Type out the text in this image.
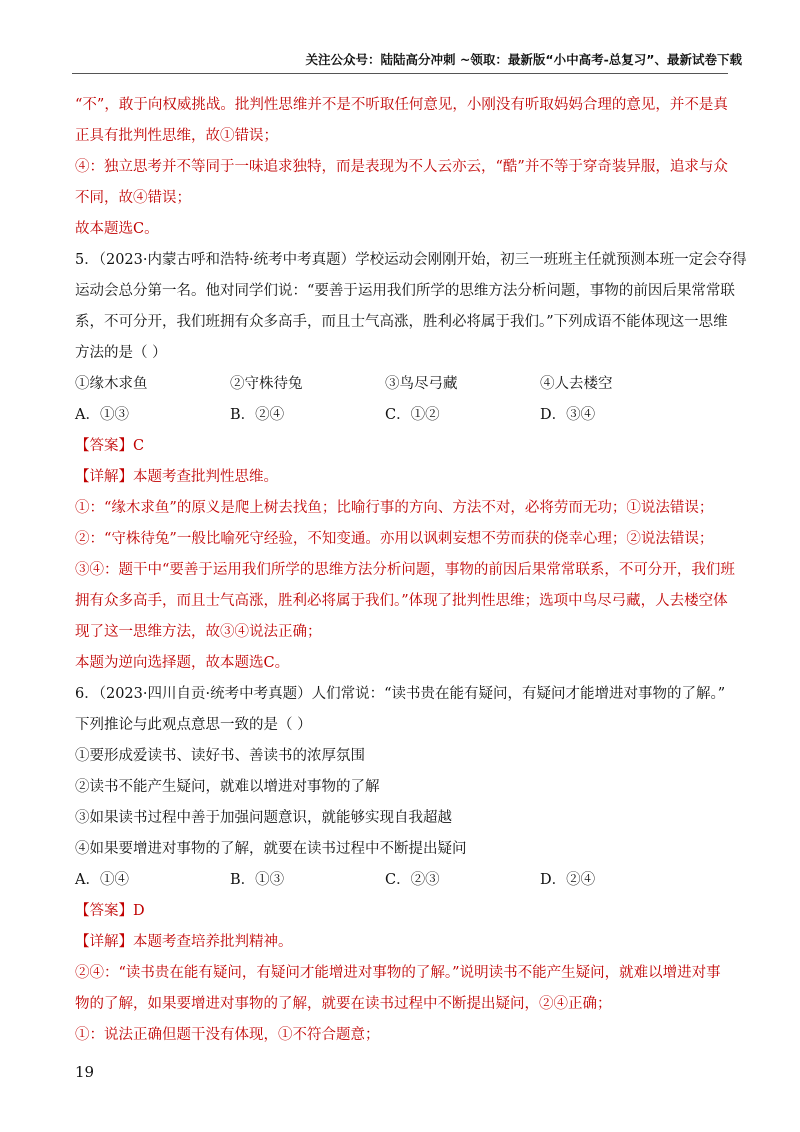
关注公众号：陆陆高分冲刺 ~领取：最新版“小中高考-总复习”、最新试卷下载
“不”，敢于向权威挑战。批判性思维并不是不听取任何意见，小刚没有听取妈妈合理的意见，并不是真
正具有批判性思维，故①错误；
④：独立思考并不等同于一味追求独特，而是表现为不人云亦云，“酷”并不等于穿奇装异服，追求与众
不同，故④错误；
故本题选C。
5．（2023·内蒙古呼和浩特·统考中考真题）学校运动会刚刚开始，初三一班班主任就预测本班一定会夺得
运动会总分第一名。他对同学们说：“要善于运用我们所学的思维方法分析问题，事物的前因后果常常联
系，不可分开，我们班拥有众多高手，而且士气高涨，胜利必将属于我们。”下列成语不能体现这一思维
方法的是（ ）
①缘木求鱼	②守株待兔	③鸟尽弓藏	④人去楼空
A．①③	B．②④	C．①②	D．③④
【答案】C
【详解】本题考查批判性思维。
①：“缘木求鱼”的原义是爬上树去找鱼；比喻行事的方向、方法不对，必将劳而无功；①说法错误；
②：“守株待兔”一般比喻死守经验，不知变通。亦用以讽刺妄想不劳而获的侥幸心理；②说法错误；
③④：题干中“要善于运用我们所学的思维方法分析问题，事物的前因后果常常联系，不可分开，我们班
拥有众多高手，而且士气高涨，胜利必将属于我们。”体现了批判性思维；选项中鸟尽弓藏，人去楼空体
现了这一思维方法，故③④说法正确；
本题为逆向选择题，故本题选C。
6．（2023·四川自贡·统考中考真题）人们常说：“读书贵在能有疑问，有疑问才能增进对事物的了解。”
下列推论与此观点意思一致的是（ ）
①要形成爱读书、读好书、善读书的浓厚氛围
②读书不能产生疑问，就难以增进对事物的了解
③如果读书过程中善于加强问题意识，就能够实现自我超越
④如果要增进对事物的了解，就要在读书过程中不断提出疑问
A．①④	B．①③	C．②③	D．②④
【答案】D
【详解】本题考查培养批判精神。
②④：“读书贵在能有疑问，有疑问才能增进对事物的了解。”说明读书不能产生疑问，就难以增进对事
物的了解，如果要增进对事物的了解，就要在读书过程中不断提出疑问，②④正确；
①：说法正确但题干没有体现，①不符合题意；
19
